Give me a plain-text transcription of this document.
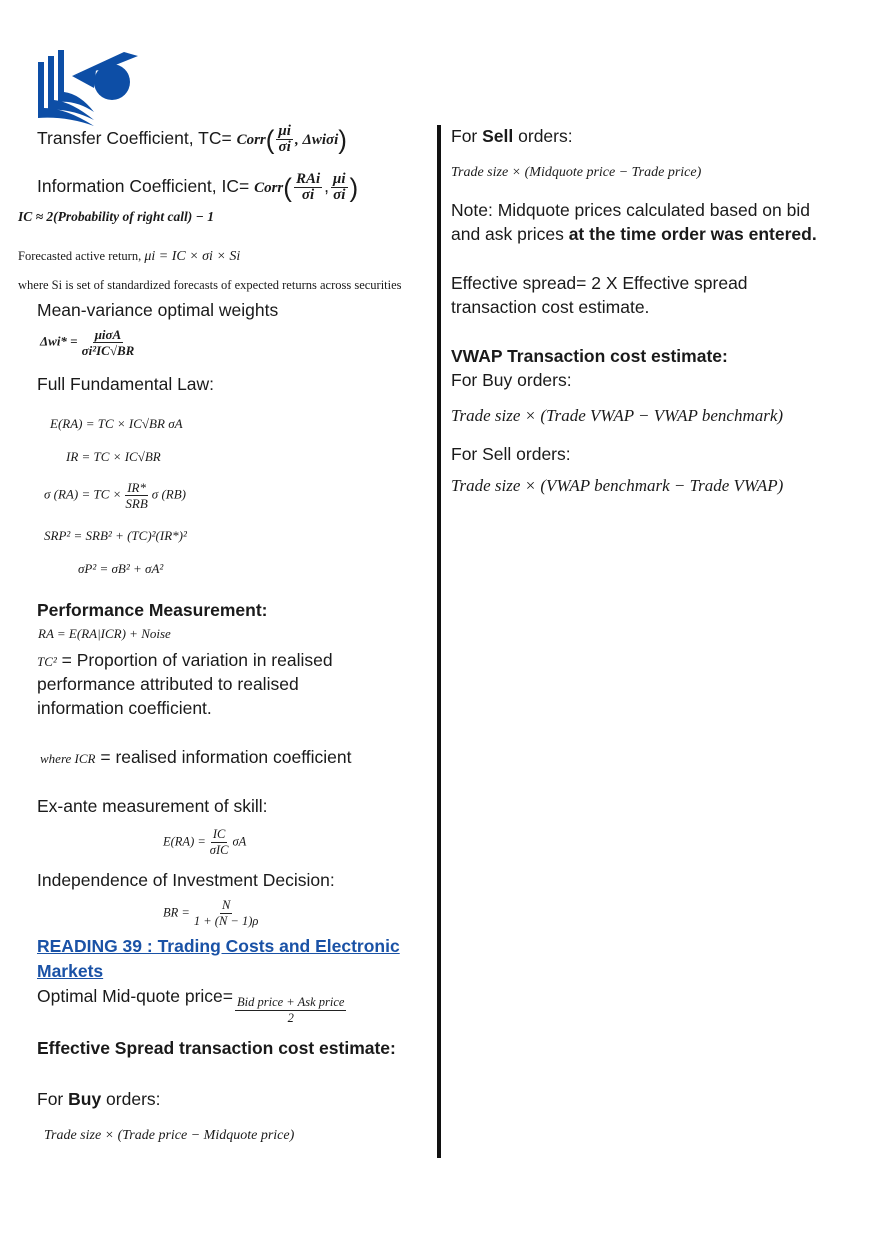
Transfer Coefficient, TC= Corr( $\frac{\mu i}{\sigma i}$ , Δwiσi)
Information Coefficient, IC= Corr( $\frac{\text{RAi}}{\sigma i}$ , $\frac{\mu i}{\sigma i}$ )
IC ≈ 2(Probability of right call) − 1
Forecasted active return, μi = IC × σi × Si
where Si is set of standardized forecasts of expected returns across securities
Mean-variance optimal weights
$\Delta wi* = \frac{\text{μiσA}}{\text{σi²IC√BR}}$
Full Fundamental Law:
E(RA) = TC × IC√BR σA
IR = TC × IC√BR
σ (RA) = TC × $\frac{IR*}{\text{SRB}}$ σ (RB)
SRP² = SRB² + (TC)²(IR*)²
σP² = σB² + σA²
Performance Measurement:
RA = E(RA|ICR) + Noise
TC² = Proportion of variation in realised
performance attributed to realised
information coefficient.
where ICR = realised information coefficient
Ex-ante measurement of skill:
$E(RA) = \frac{IC}{\text{σIC}}$ σA
Independence of Investment Decision:
BR = $\frac{N}{1 + (N - 1)\rho}$
READING 39 : Trading Costs and Electronic
Markets
Optimal Mid-quote price= $\frac{\text{Bid price + Ask price}}{2}$
Effective Spread transaction cost estimate:
For Buy orders:
Trade size × (Trade price − Midquote price)
For Sell orders:
Trade size × (Midquote price − Trade price)
Note: Midquote prices calculated based on bid
and ask prices at the time order was entered.
Effective spread= 2 X Effective spread
transaction cost estimate.
VWAP Transaction cost estimate:
For Buy orders:
Trade size × (Trade VWAP − VWAP benchmark)
For Sell orders:
Trade size × (VWAP benchmark − Trade VWAP)
